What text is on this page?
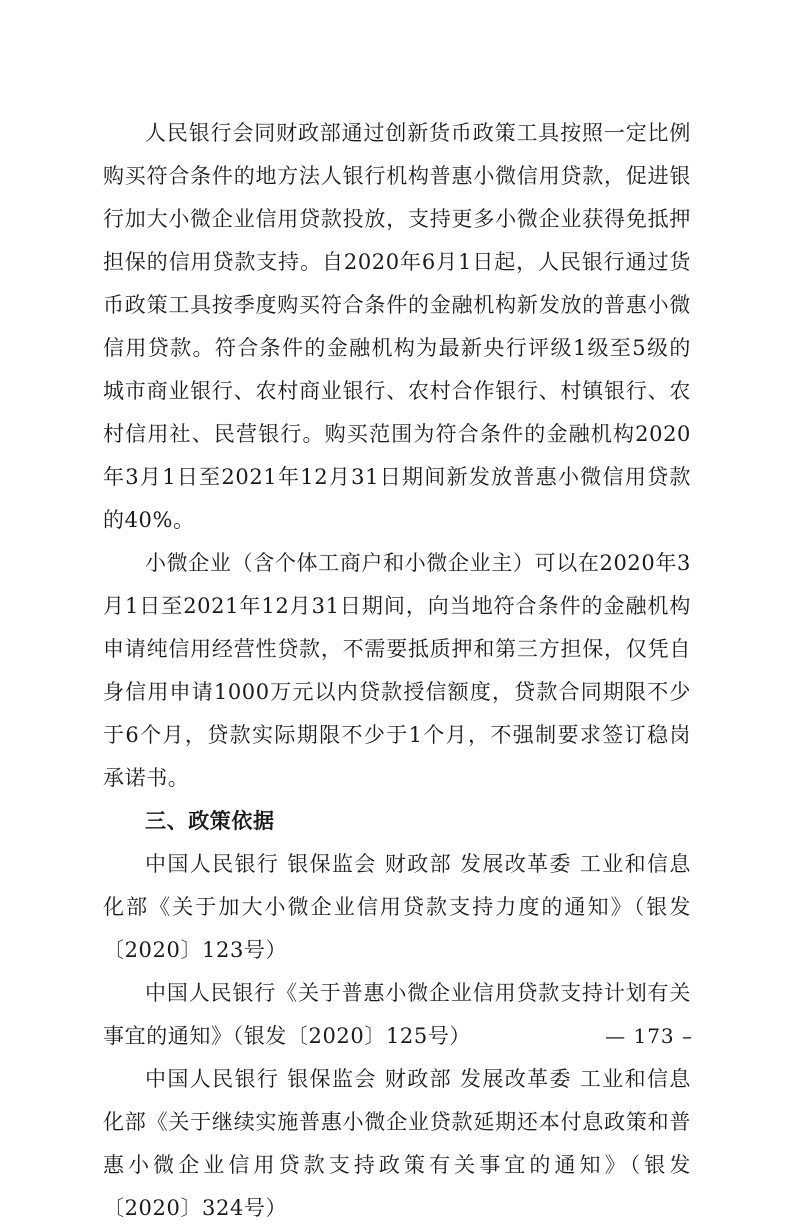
人民银行会同财政部通过创新货币政策工具按照一定比例购买符合条件的地方法人银行机构普惠小微信用贷款，促进银行加大小微企业信用贷款投放，支持更多小微企业获得免抵押担保的信用贷款支持。自2020年6月1日起，人民银行通过货币政策工具按季度购买符合条件的金融机构新发放的普惠小微信用贷款。符合条件的金融机构为最新央行评级1级至5级的城市商业银行、农村商业银行、农村合作银行、村镇银行、农村信用社、民营银行。购买范围为符合条件的金融机构2020年3月1日至2021年12月31日期间新发放普惠小微信用贷款的40%。

小微企业（含个体工商户和小微企业主）可以在2020年3月1日至2021年12月31日期间，向当地符合条件的金融机构申请纯信用经营性贷款，不需要抵质押和第三方担保，仅凭自身信用申请1000万元以内贷款授信额度，贷款合同期限不少于6个月，贷款实际期限不少于1个月，不强制要求签订稳岗承诺书。

三、政策依据

中国人民银行 银保监会 财政部 发展改革委 工业和信息化部《关于加大小微企业信用贷款支持力度的通知》（银发〔2020〕123号）

中国人民银行《关于普惠小微企业信用贷款支持计划有关事宜的通知》（银发〔2020〕125号）

中国人民银行 银保监会 财政部 发展改革委 工业和信息化部《关于继续实施普惠小微企业贷款延期还本付息政策和普惠小微企业信用贷款支持政策有关事宜的通知》（银发〔2020〕324号）

— 173 –
